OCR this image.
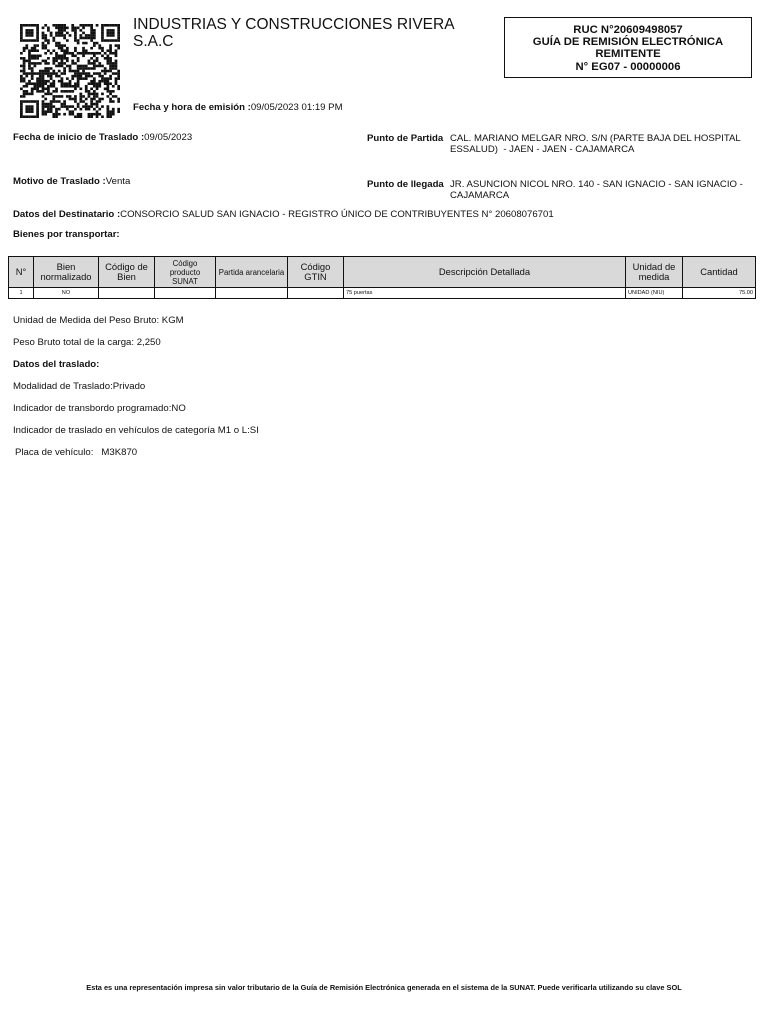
INDUSTRIAS Y CONSTRUCCIONES RIVERA
S.A.C
RUC N°20609498057
GUÍA DE REMISIÓN ELECTRÓNICA
REMITENTE
N° EG07 - 00000006
Fecha y hora de emisión :09/05/2023 01:19 PM
Fecha de inicio de Traslado :09/05/2023	Punto de Partida CAL. MARIANO MELGAR NRO. S/N (PARTE BAJA DEL HOSPITAL
ESSALUD)  - JAEN - JAEN - CAJAMARCA
Motivo de Traslado :Venta	Punto de llegada JR. ASUNCION NICOL NRO. 140 - SAN IGNACIO - SAN IGNACIO -
CAJAMARCA
Datos del Destinatario :CONSORCIO SALUD SAN IGNACIO - REGISTRO ÚNICO DE CONTRIBUYENTES N° 20608076701
Bienes por transportar:
N°	Bien normalizado	Código de Bien	Código producto SUNAT	Partida arancelaria	Código GTIN	Descripción Detallada	Unidad de medida	Cantidad
1	NO					75 puertas	UNIDAD (NIU)	75.00
Unidad de Medida del Peso Bruto: KGM
Peso Bruto total de la carga: 2,250
Datos del traslado:
Modalidad de Traslado:Privado
Indicador de transbordo programado:NO
Indicador de traslado en vehículos de categoría M1 o L:SI
Placa de vehículo:   M3K870
Esta es una representación impresa sin valor tributario de la Guía de Remisión Electrónica generada en el sistema de la SUNAT. Puede verificarla utilizando su clave SOL
